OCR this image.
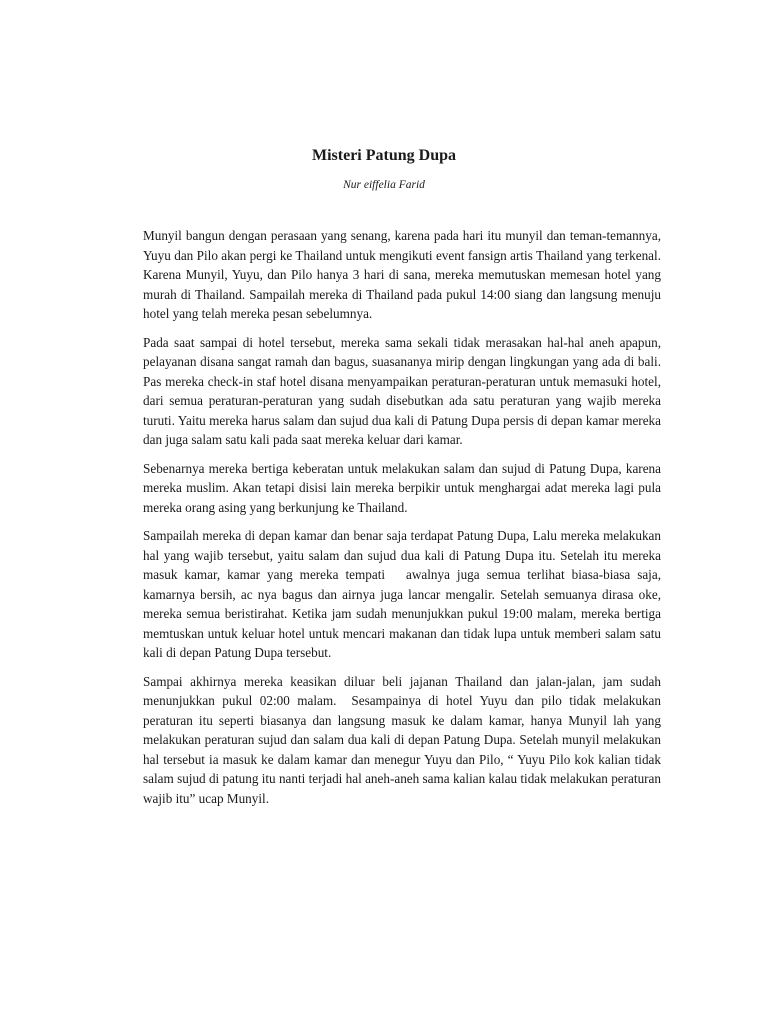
Misteri Patung Dupa
Nur eiffelia Farid

Munyil bangun dengan perasaan yang senang, karena pada hari itu munyil dan teman-temannya, Yuyu dan Pilo akan pergi ke Thailand untuk mengikuti event fansign artis Thailand yang terkenal. Karena Munyil, Yuyu, dan Pilo hanya 3 hari di sana, mereka memutuskan memesan hotel yang murah di Thailand. Sampailah mereka di Thailand pada pukul 14:00 siang dan langsung menuju hotel yang telah mereka pesan sebelumnya.

Pada saat sampai di hotel tersebut, mereka sama sekali tidak merasakan hal-hal aneh apapun, pelayanan disana sangat ramah dan bagus, suasananya mirip dengan lingkungan yang ada di bali. Pas mereka check-in staf hotel disana menyampaikan peraturan-peraturan untuk memasuki hotel, dari semua peraturan-peraturan yang sudah disebutkan ada satu peraturan yang wajib mereka turuti. Yaitu mereka harus salam dan sujud dua kali di Patung Dupa persis di depan kamar mereka dan juga salam satu kali pada saat mereka keluar dari kamar.

Sebenarnya mereka bertiga keberatan untuk melakukan salam dan sujud di Patung Dupa, karena mereka muslim. Akan tetapi disisi lain mereka berpikir untuk menghargai adat mereka lagi pula mereka orang asing yang berkunjung ke Thailand.

Sampailah mereka di depan kamar dan benar saja terdapat Patung Dupa, Lalu mereka melakukan hal yang wajib tersebut, yaitu salam dan sujud dua kali di Patung Dupa itu. Setelah itu mereka masuk kamar, kamar yang mereka tempati   awalnya juga semua terlihat biasa-biasa saja, kamarnya bersih, ac nya bagus dan airnya juga lancar mengalir. Setelah semuanya dirasa oke, mereka semua beristirahat. Ketika jam sudah menunjukkan pukul 19:00 malam, mereka bertiga memtuskan untuk keluar hotel untuk mencari makanan dan tidak lupa untuk memberi salam satu kali di depan Patung Dupa tersebut.

Sampai akhirnya mereka keasikan diluar beli jajanan Thailand dan jalan-jalan, jam sudah menunjukkan pukul 02:00 malam.  Sesampainya di hotel Yuyu dan pilo tidak melakukan peraturan itu seperti biasanya dan langsung masuk ke dalam kamar, hanya Munyil lah yang melakukan peraturan sujud dan salam dua kali di depan Patung Dupa. Setelah munyil melakukan hal tersebut ia masuk ke dalam kamar dan menegur Yuyu dan Pilo, “ Yuyu Pilo kok kalian tidak salam sujud di patung itu nanti terjadi hal aneh-aneh sama kalian kalau tidak melakukan peraturan wajib itu” ucap Munyil.
